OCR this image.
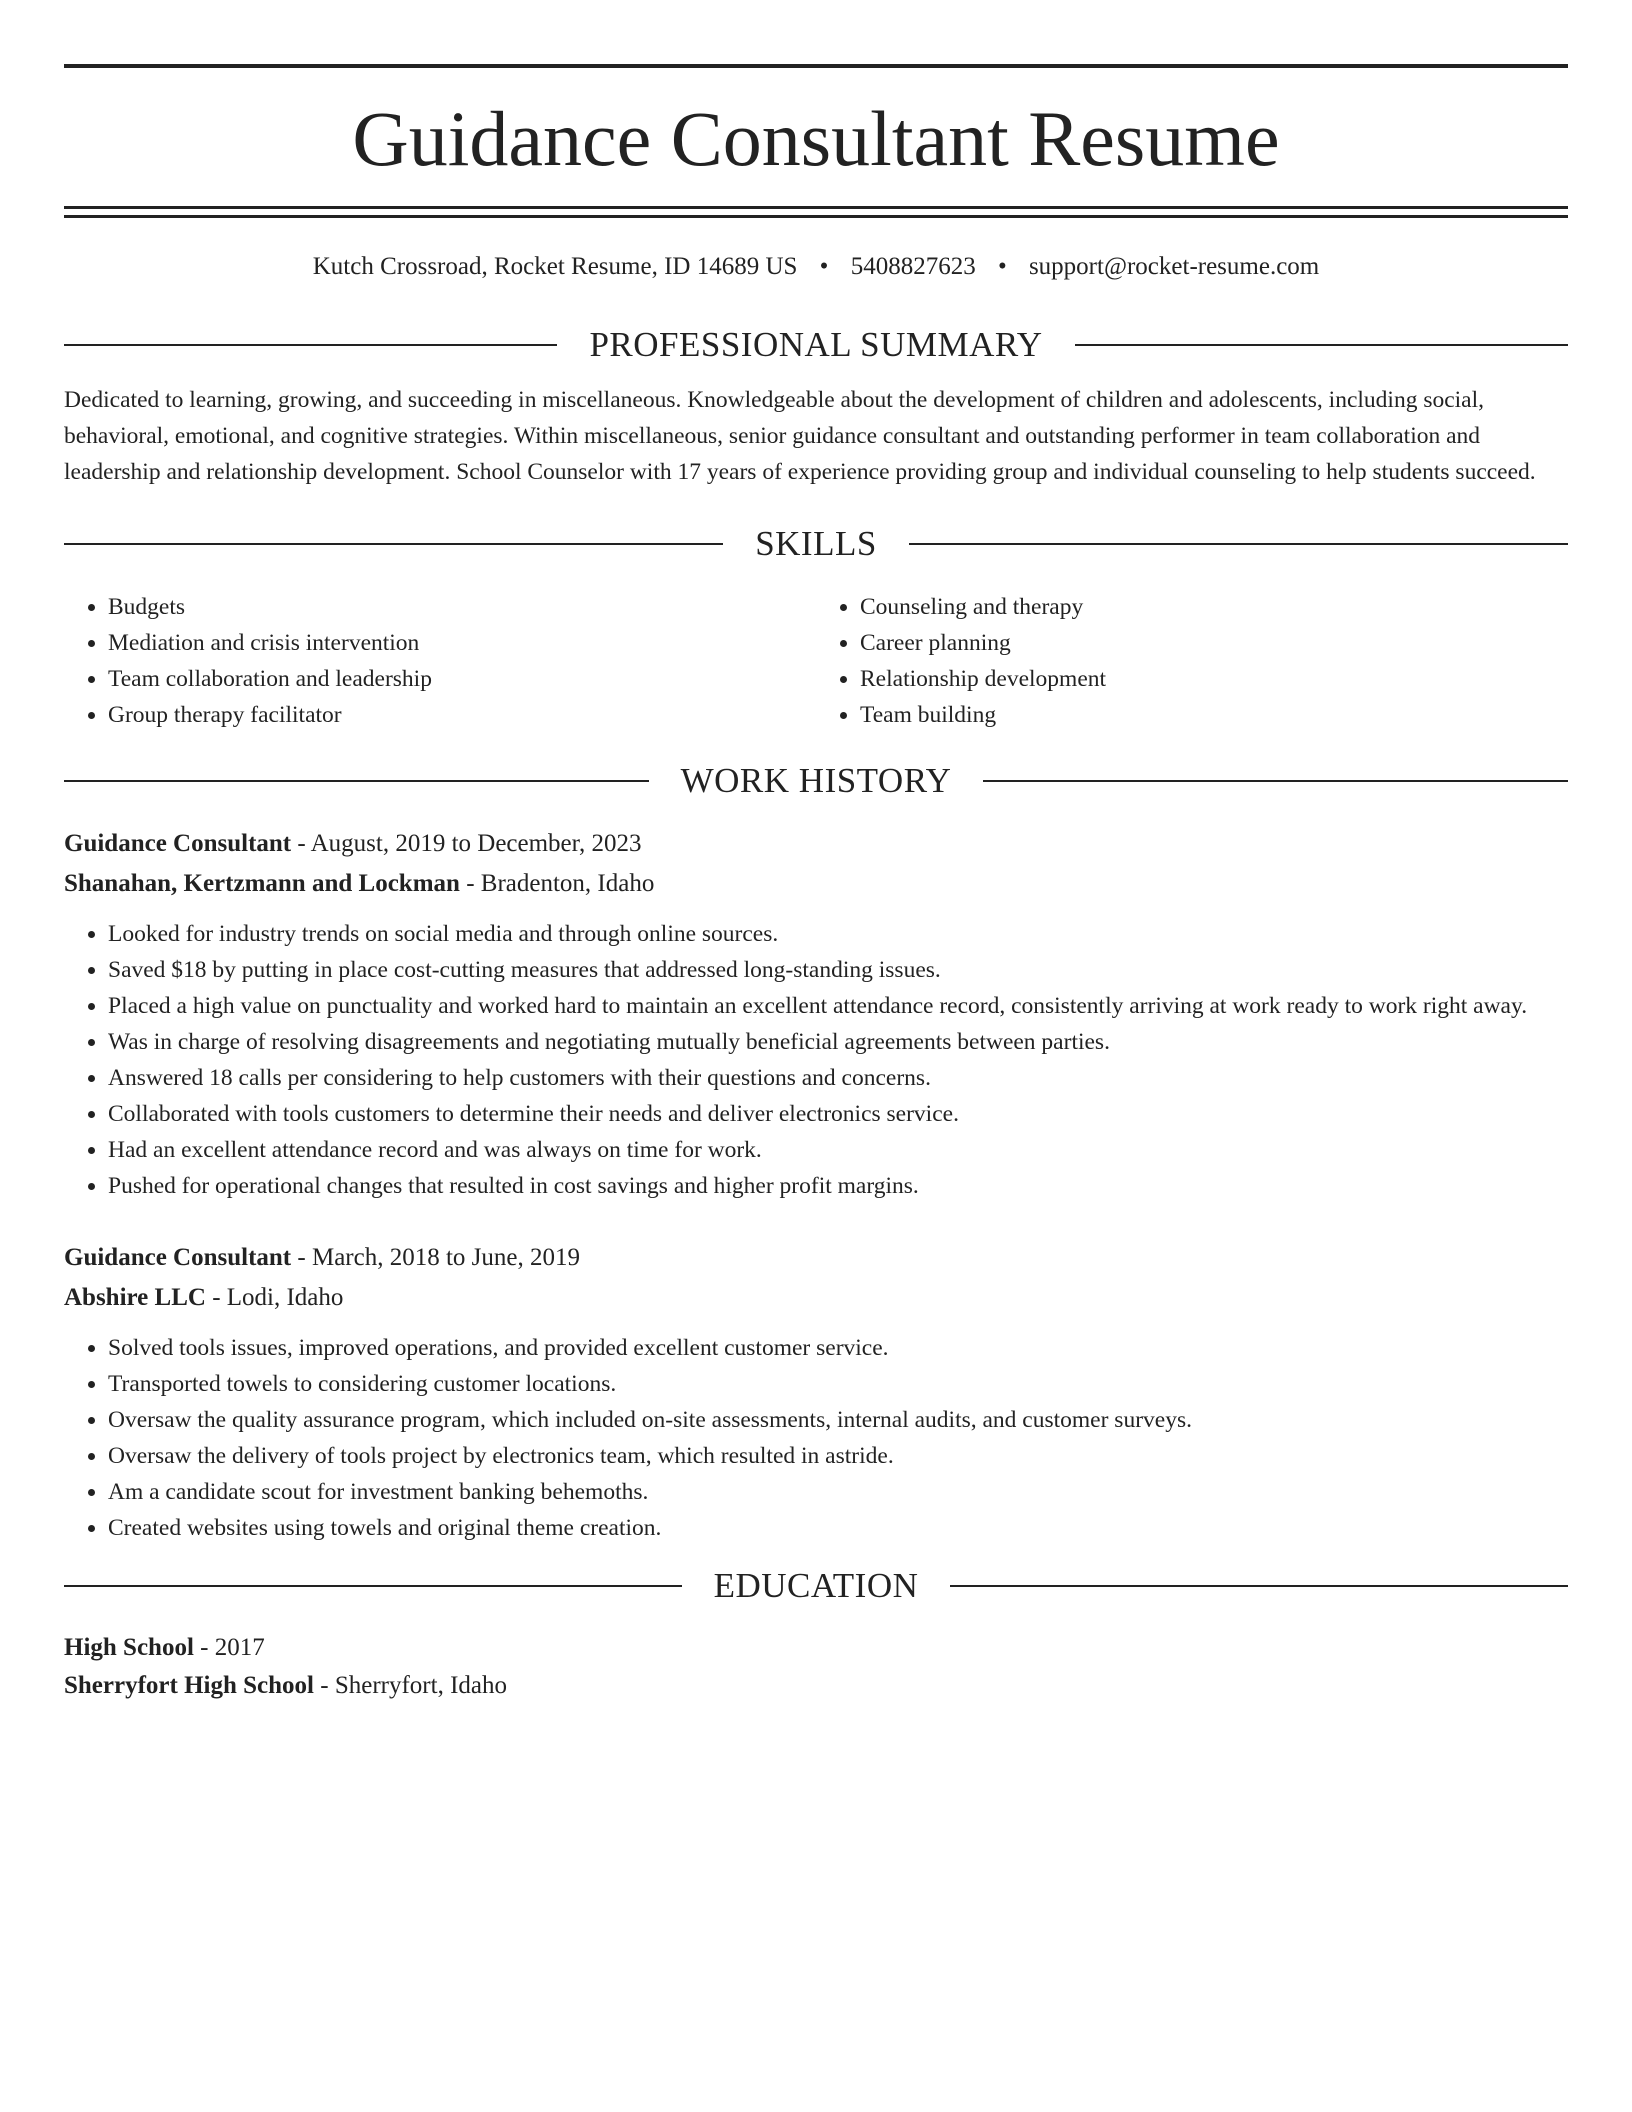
Guidance Consultant Resume
Kutch Crossroad, Rocket Resume, ID 14689 US • 5408827623 • support@rocket-resume.com
PROFESSIONAL SUMMARY
Dedicated to learning, growing, and succeeding in miscellaneous. Knowledgeable about the development of children and adolescents, including social, behavioral, emotional, and cognitive strategies. Within miscellaneous, senior guidance consultant and outstanding performer in team collaboration and leadership and relationship development. School Counselor with 17 years of experience providing group and individual counseling to help students succeed.
SKILLS
• Budgets
• Mediation and crisis intervention
• Team collaboration and leadership
• Group therapy facilitator
• Counseling and therapy
• Career planning
• Relationship development
• Team building
WORK HISTORY
Guidance Consultant - August, 2019 to December, 2023
Shanahan, Kertzmann and Lockman - Bradenton, Idaho
• Looked for industry trends on social media and through online sources.
• Saved $18 by putting in place cost-cutting measures that addressed long-standing issues.
• Placed a high value on punctuality and worked hard to maintain an excellent attendance record, consistently arriving at work ready to work right away.
• Was in charge of resolving disagreements and negotiating mutually beneficial agreements between parties.
• Answered 18 calls per considering to help customers with their questions and concerns.
• Collaborated with tools customers to determine their needs and deliver electronics service.
• Had an excellent attendance record and was always on time for work.
• Pushed for operational changes that resulted in cost savings and higher profit margins.
Guidance Consultant - March, 2018 to June, 2019
Abshire LLC - Lodi, Idaho
• Solved tools issues, improved operations, and provided excellent customer service.
• Transported towels to considering customer locations.
• Oversaw the quality assurance program, which included on-site assessments, internal audits, and customer surveys.
• Oversaw the delivery of tools project by electronics team, which resulted in astride.
• Am a candidate scout for investment banking behemoths.
• Created websites using towels and original theme creation.
EDUCATION
High School - 2017
Sherryfort High School - Sherryfort, Idaho
